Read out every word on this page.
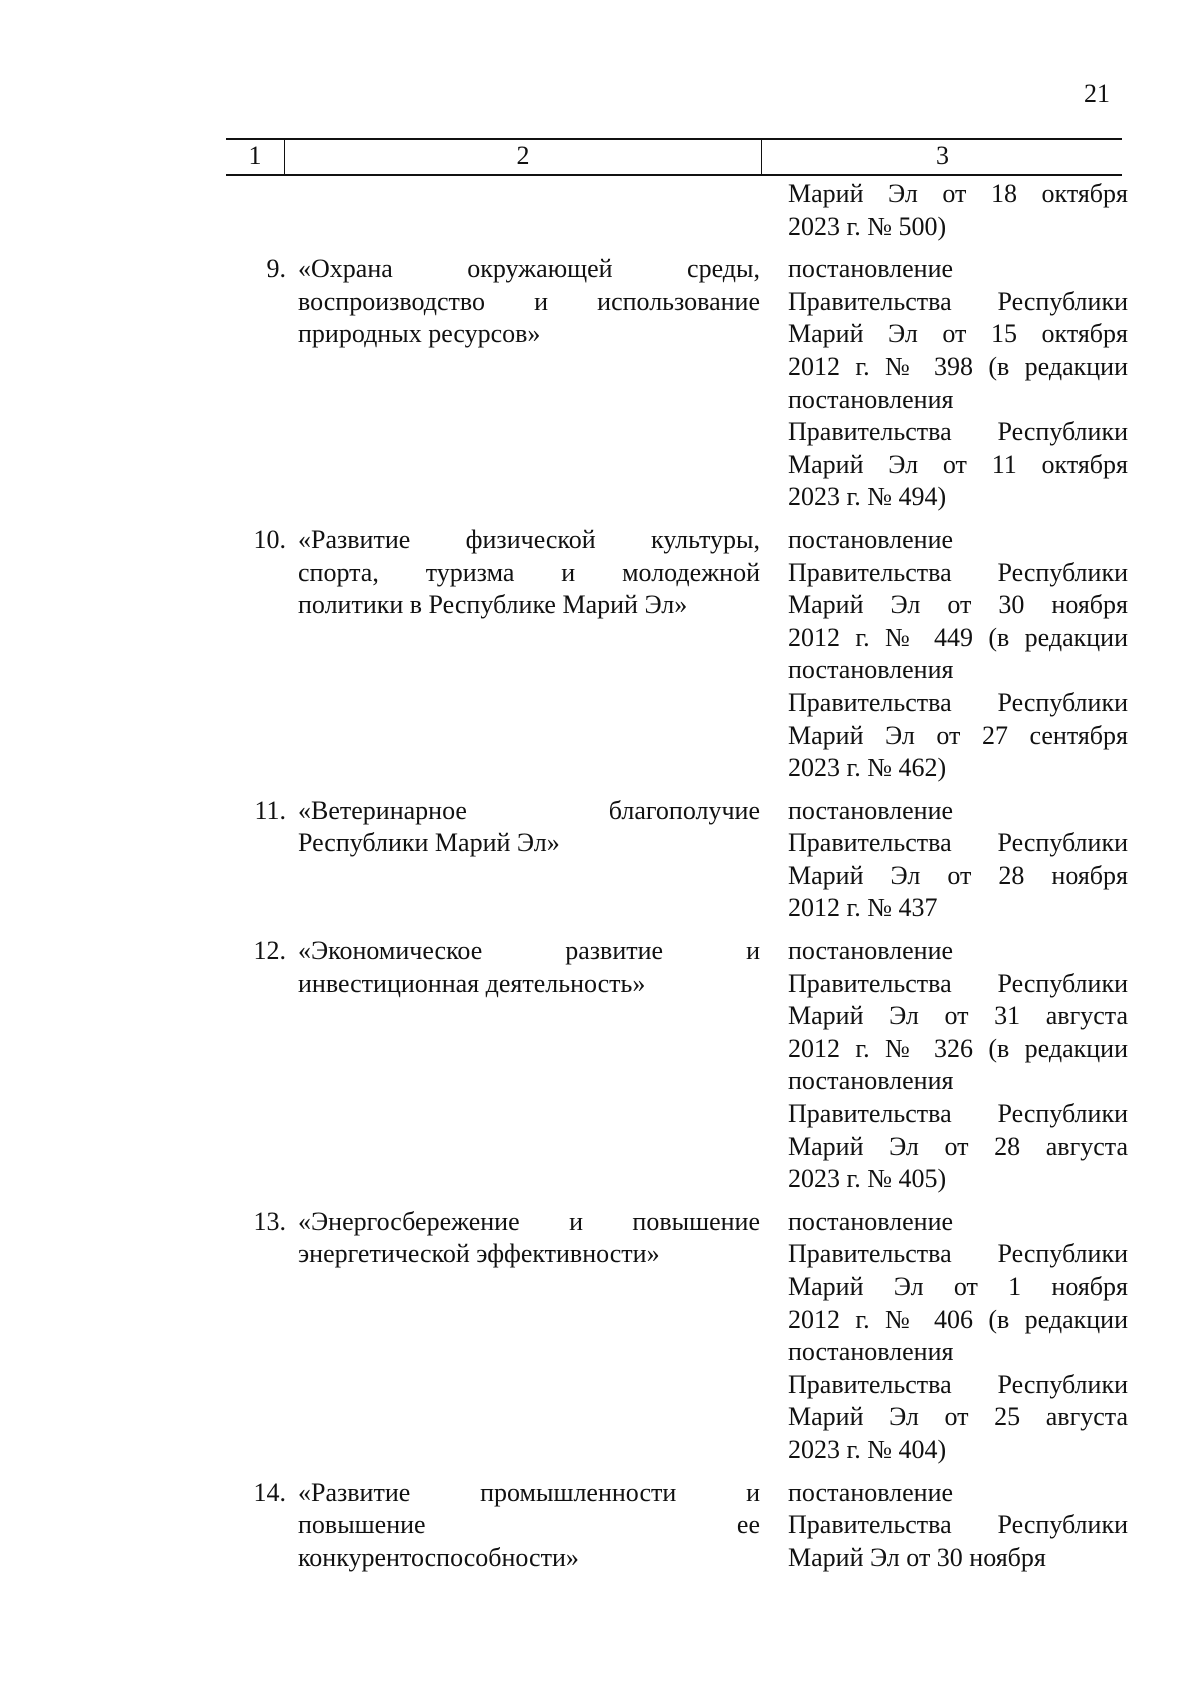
21
1	2	3
Марий Эл от 18 октября
2023 г. № 500)
9. «Охрана окружающей среды,
воспроизводство и использование
природных ресурсов»
постановление
Правительства Республики
Марий Эл от 15 октября
2012 г. № 398 (в редакции
постановления
Правительства Республики
Марий Эл от 11 октября
2023 г. № 494)
10. «Развитие физической культуры,
спорта, туризма и молодежной
политики в Республике Марий Эл»
постановление
Правительства Республики
Марий Эл от 30 ноября
2012 г. № 449 (в редакции
постановления
Правительства Республики
Марий Эл от 27 сентября
2023 г. № 462)
11. «Ветеринарное благополучие
Республики Марий Эл»
постановление
Правительства Республики
Марий Эл от 28 ноября
2012 г. № 437
12. «Экономическое развитие и
инвестиционная деятельность»
постановление
Правительства Республики
Марий Эл от 31 августа
2012 г. № 326 (в редакции
постановления
Правительства Республики
Марий Эл от 28 августа
2023 г. № 405)
13. «Энергосбережение и повышение
энергетической эффективности»
постановление
Правительства Республики
Марий Эл от 1 ноября
2012 г. № 406 (в редакции
постановления
Правительства Республики
Марий Эл от 25 августа
2023 г. № 404)
14. «Развитие промышленности и
повышение ее
конкурентоспособности»
постановление
Правительства Республики
Марий Эл от 30 ноября
